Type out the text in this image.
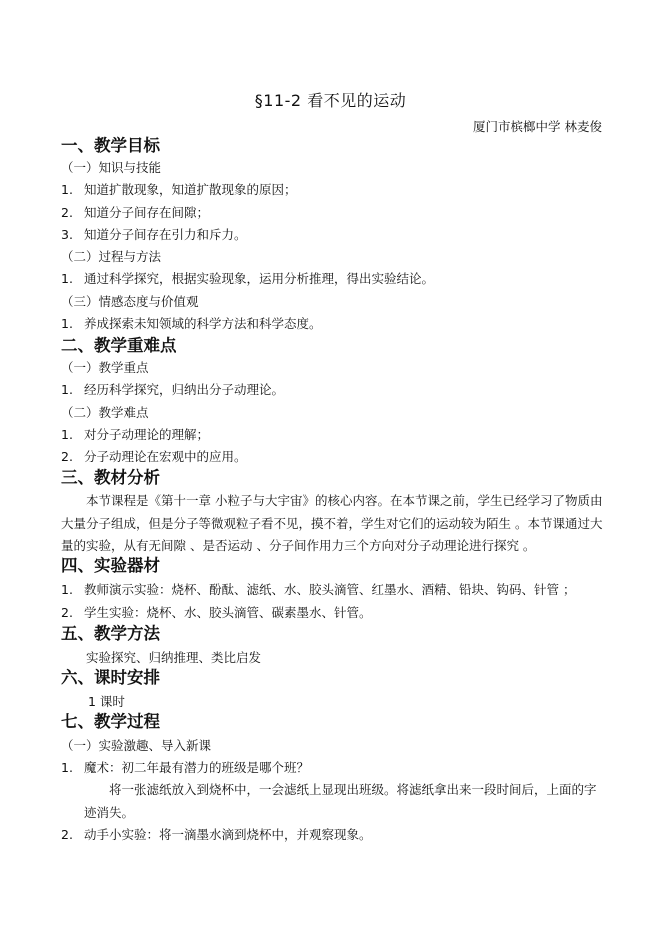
§11-2 看不见的运动
厦门市槟榔中学 林麦俊
一、教学目标
（一）知识与技能
1. 知道扩散现象，知道扩散现象的原因；
2. 知道分子间存在间隙；
3. 知道分子间存在引力和斥力。
（二）过程与方法
1. 通过科学探究，根据实验现象，运用分析推理，得出实验结论。
（三）情感态度与价值观
1. 养成探索未知领域的科学方法和科学态度。
二、教学重难点
（一）教学重点
1. 经历科学探究，归纳出分子动理论。
（二）教学难点
1. 对分子动理论的理解；
2. 分子动理论在宏观中的应用。
三、教材分析

本节课程是《第十一章 小粒子与大宇宙》的核心内容。在本节课之前，学生已经学习了物质由大量分子组成，但是分子等微观粒子看不见，摸不着，学生对它们的运动较为陌生 。本节课通过大量的实验，从有无间隙 、是否运动 、分子间作用力三个方向对分子动理论进行探究 。

四、实验器材
1. 教师演示实验：烧杯、酚酞、滤纸、水、胶头滴管、红墨水、酒精、铅块、钩码、针管 ；
2. 学生实验：烧杯、水、胶头滴管、碳素墨水、针管。
五、教学方法
实验探究、归纳推理、类比启发
六、课时安排
1 课时
七、教学过程
（一）实验激趣、导入新课
1. 魔术：初二年最有潜力的班级是哪个班？

将一张滤纸放入到烧杯中，一会滤纸上显现出班级。将滤纸拿出来一段时间后，上面的字迹消失。

2. 动手小实验：将一滴墨水滴到烧杯中，并观察现象。
